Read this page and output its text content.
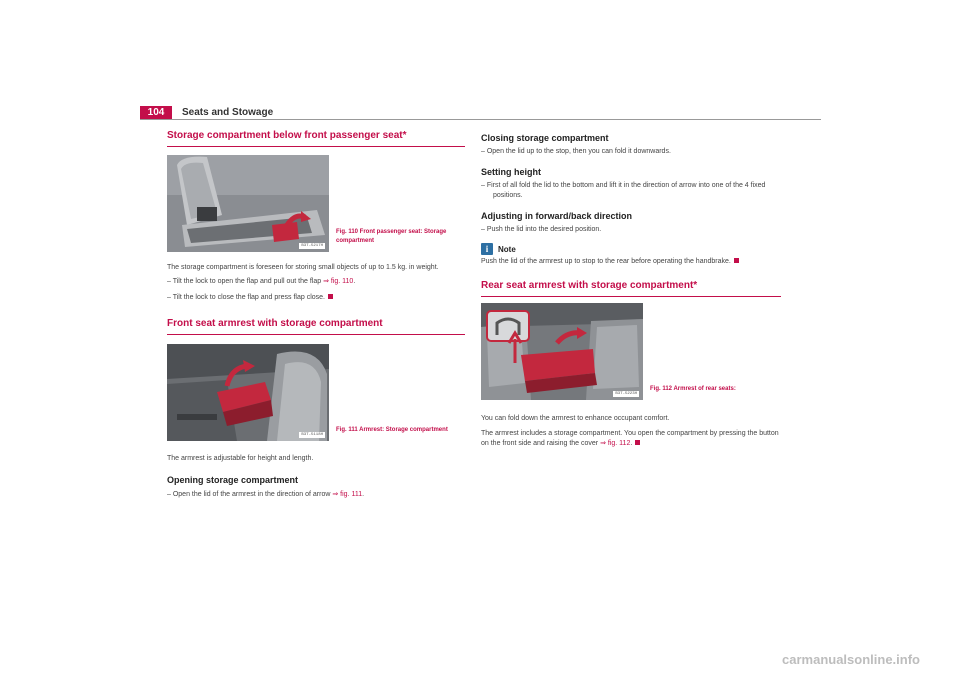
104	Seats and Stowage
Storage compartment below front passenger seat*
B3T-5217H
Fig. 110 Front passenger seat: Storage compartment

The storage compartment is foreseen for storing small objects of up to 1.5 kg. in weight.

– Tilt the lock to open the flap and pull out the flap ⇒ fig. 110.

– Tilt the lock to close the flap and press flap close.

Front seat armrest with storage compartment
B3T-5118H
Fig. 111 Armrest: Storage compartment

The armrest is adjustable for height and length.

Opening storage compartment

– Open the lid of the armrest in the direction of arrow ⇒ fig. 111.

Closing storage compartment

– Open the lid up to the stop, then you can fold it downwards.

Setting height

– First of all fold the lid to the bottom and lift it in the direction of arrow into one of the 4 fixed positions.

Adjusting in forward/back direction

– Push the lid into the desired position.

i	Note

Push the lid of the armrest up to stop to the rear before operating the handbrake.

Rear seat armrest with storage compartment*
B3T-5223H
Fig. 112 Armrest of rear seats:

You can fold down the armrest to enhance occupant comfort.

The armrest includes a storage compartment. You open the compartment by pressing the button on the front side and raising the cover ⇒ fig. 112.

carmanualsonline.info
